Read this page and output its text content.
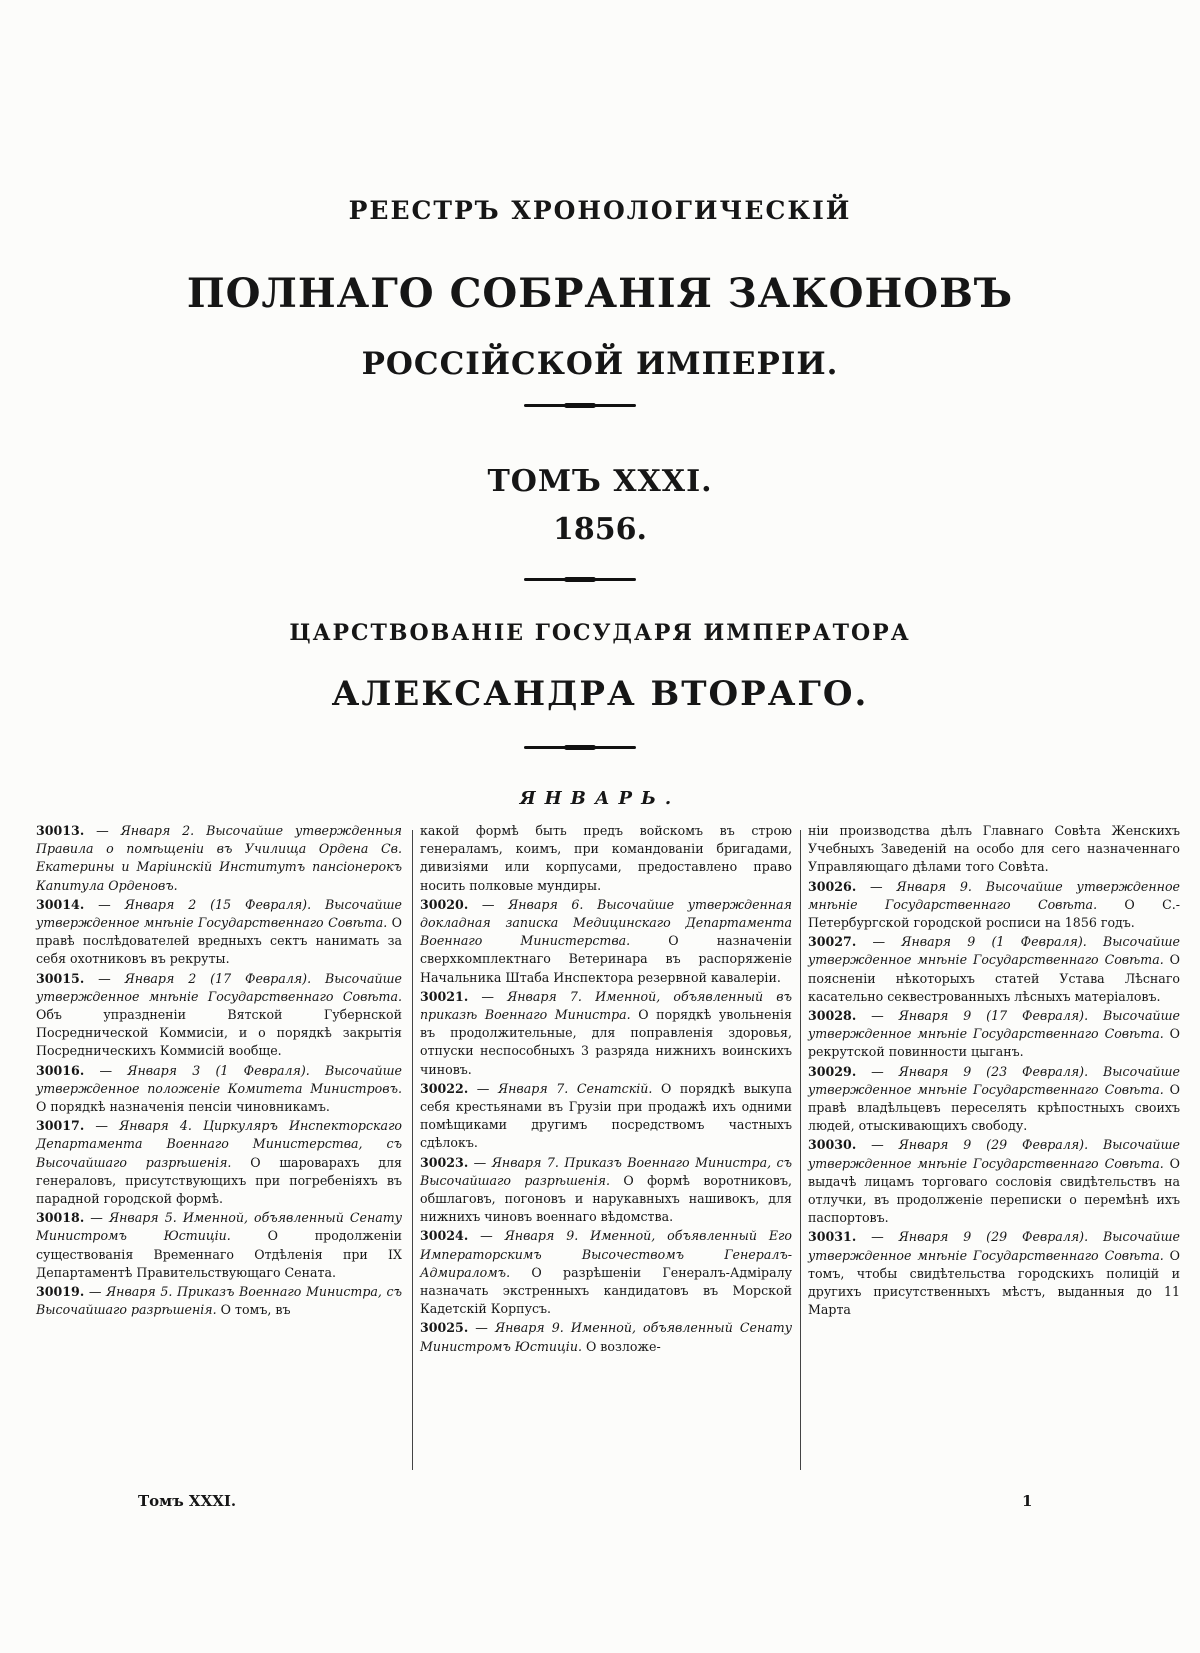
РЕЕСТРЪ ХРОНОЛОГИЧЕСКІЙ
ПОЛНАГО СОБРАНІЯ ЗАКОНОВЪ
РОССІЙСКОЙ ИМПЕРІИ.
ТОМЪ XXXI.
1856.
ЦАРСТВОВАНІЕ ГОСУДАРЯ ИМПЕРАТОРА
АЛЕКСАНДРА ВТОРАГО.
ЯНВАРЬ.
30013. — Января 2. Высочайше утвержденныя Правила о помѣщеніи въ Училища Ордена Св. Екатерины и Маріинскій Институтъ пансіонерокъ Капитула Орденовъ.
30014. — Января 2 (15 Февраля). Высочайше утвержденное мнѣніе Государственнаго Совѣта. О правѣ послѣдователей вредныхъ сектъ нанимать за себя охотниковъ въ рекруты.
30015. — Января 2 (17 Февраля). Высочайше утвержденное мнѣніе Государственнаго Совѣта. Объ упраздненіи Вятской Губернской Посреднической Коммисіи, и о порядкѣ закрытія Посредническихъ Коммисій вообще.
30016. — Января 3 (1 Февраля). Высочайше утвержденное положеніе Комитета Министровъ. О порядкѣ назначенія пенсіи чиновникамъ.
30017. — Января 4. Циркуляръ Инспекторскаго Департамента Военнаго Министерства, съ Высочайшаго разрѣшенія. О шароварахъ для генераловъ, присутствующихъ при погребеніяхъ въ парадной городской формѣ.
30018. — Января 5. Именной, объявленный Сенату Министромъ Юстиціи.	О продолженіи существованія Временнаго Отдѣленія при IX Департаментѣ Правительствующаго Сената.
30019. — Января 5. Приказъ Военнаго Министра, съ Высочайшаго разрѣшенія. О томъ, въ
какой формѣ быть предъ войскомъ въ строю генераламъ, коимъ, при командованіи бригадами, дивизіями или корпусами, предоставлено право носить полковые мундиры.
30020. — Января 6. Высочайше утвержденная докладная записка Медицинскаго Департамента Военнаго Министерства.	О назначеніи сверхкомплектнаго Ветеринара въ распоряженіе Начальника Штаба Инспектора резервной кавалеріи.
30021. — Января 7. Именной, объявленный въ приказѣ Военнаго Министра. О порядкѣ увольненія въ продолжительные, для поправленія здоровья, отпуски неспособныхъ 3 разряда нижнихъ воинскихъ чиновъ.
30022. — Января 7. Сенатскій. О порядкѣ выкупа себя крестьянами въ Грузіи при продажѣ ихъ одними помѣщиками другимъ посредствомъ частныхъ сдѣлокъ.
30023. — Января 7. Приказъ Военнаго Министра, съ Высочайшаго разрѣшенія. О формѣ воротниковъ, обшлаговъ, погоновъ и нарукавныхъ нашивокъ, для нижнихъ чиновъ военнаго вѣдомства.
30024. — Января 9. Именной, объявленный Его Императорскимъ Высочествомъ Генералъ-Адмираломъ. О разрѣшеніи Генералъ-Адміралу назначать экстренныхъ кандидатовъ въ Морской Кадетскій Корпусъ.
30025. — Января 9. Именной, объявленный Сенату Министромъ Юстиціи. О возложе-
ніи производства дѣлъ Главнаго Совѣта Женскихъ Учебныхъ Заведеній на особо для сего назначеннаго Управляющаго дѣлами того Совѣта.
30026. — Января 9. Высочайше утвержденное мнѣніе Государственнаго Совѣта. О С.-Петербургской городской росписи на 1856 годъ.
30027. — Января 9 (1 Февраля). Высочайше утвержденное мнѣніе Государственнаго Совѣта. О поясненіи нѣкоторыхъ статей Устава Лѣснаго касательно секвестрованныхъ лѣсныхъ матеріаловъ.
30028. — Января 9 (17 Февраля). Высочайше утвержденное мнѣніе Государственнаго Совѣта. О рекрутской повинности цыганъ.
30029. — Января 9 (23 Февраля). Высочайше утвержденное мнѣніе Государственнаго Совѣта. О правѣ владѣльцевъ переселять крѣпостныхъ своихъ людей, отыскивающихъ свободу.
30030. — Января 9 (29 Февраля). Высочайше утвержденное мнѣніе Государственнаго Совѣта. О выдачѣ лицамъ торговаго сословія свидѣтельствъ на отлучки, въ продолженіе переписки о перемѣнѣ ихъ паспортовъ.
30031. — Января 9 (29 Февраля). Высочайше утвержденное мнѣніе Государственнаго Совѣта. О томъ, чтобы свидѣтельства городскихъ полицій и другихъ присутственныхъ мѣстъ, выданныя до 11 Марта
Томъ XXXI.	1
